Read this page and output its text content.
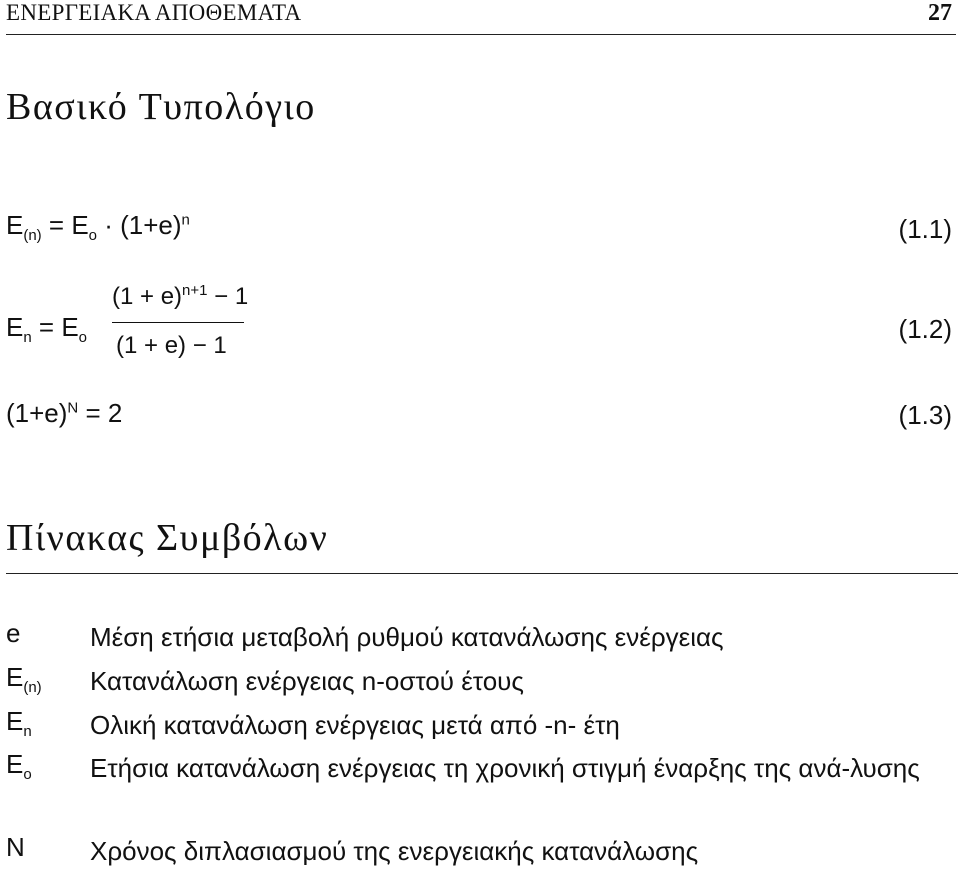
ΕΝΕΡΓΕΙΑΚΑ ΑΠΟΘΕΜΑΤΑ	27
Βασικό Τυπολόγιο
$E_{(n)} = E_o \cdot (1+e)^n$	(1.1)
$E_n = E_o$
$(1 + e)^{n+1} - 1$
(1 + e) − 1
(1.2)
$(1+e)^N = 2$	(1.3)
Πίνακας Συμβόλων
e	Μέση ετήσια μεταβολή ρυθμού κατανάλωσης ενέργειας
$E_{(n)}$ Κατανάλωση ενέργειας n-οστού έτους
$E_n$ Ολική κατανάλωση ενέργειας μετά από -n- έτη
$E_o$ Ετήσια κατανάλωση ενέργειας τη χρονική στιγμή έναρξης της ανά-λυσης
N	Χρόνος διπλασιασμού της ενεργειακής κατανάλωσης
